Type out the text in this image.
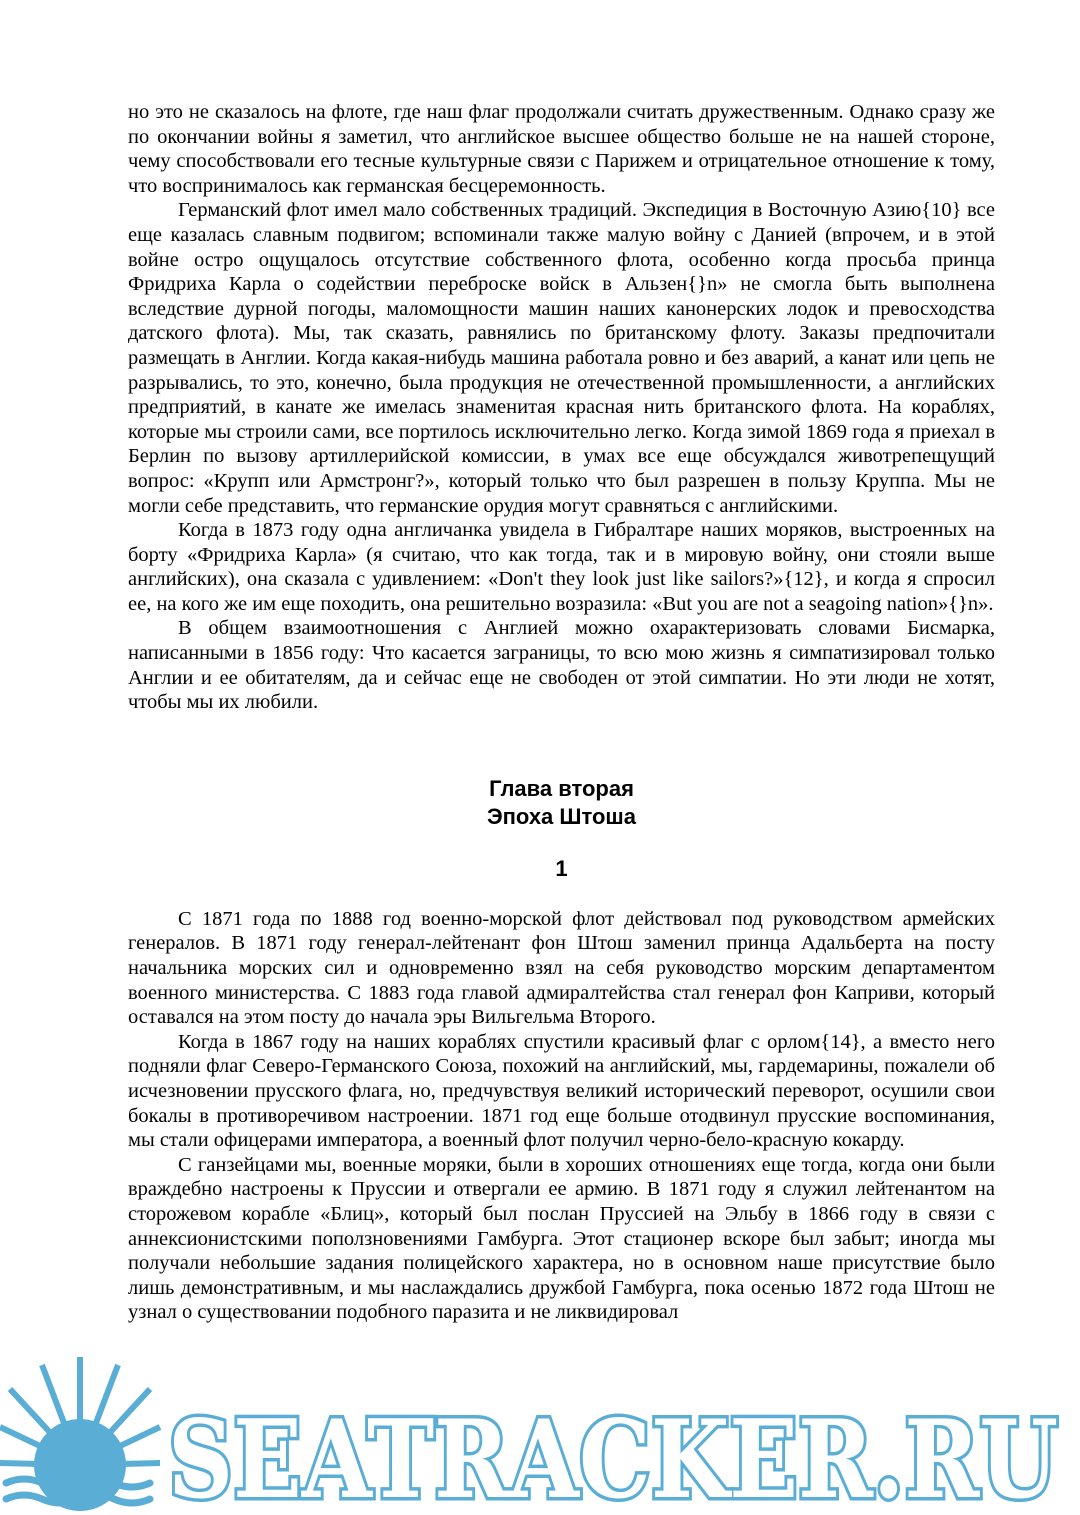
но это не сказалось на флоте, где наш флаг продолжали считать дружественным. Однако сразу же по окончании войны я заметил, что английское высшее общество больше не на нашей стороне, чему способствовали его тесные культурные связи с Парижем и отрицательное отношение к тому, что воспринималось как германская бесцеремонность.

Германский флот имел мало собственных традиций. Экспедиция в Восточную Азию{10} все еще казалась славным подвигом; вспоминали также малую войну с Данией (впрочем, и в этой войне остро ощущалось отсутствие собственного флота, особенно когда просьба принца Фридриха Карла о содействии переброске войск в Альзен{}n» не смогла быть выполнена вследствие дурной погоды, маломощности машин наших канонерских лодок и превосходства датского флота). Мы, так сказать, равнялись по британскому флоту. Заказы предпочитали размещать в Англии. Когда какая-нибудь машина работала ровно и без аварий, а канат или цепь не разрывались, то это, конечно, была продукция не отечественной промышленности, а английских предприятий, в канате же имелась знаменитая красная нить британского флота. На кораблях, которые мы строили сами, все портилось исключительно легко. Когда зимой 1869 года я приехал в Берлин по вызову артиллерийской комиссии, в умах все еще обсуждался животрепещущий вопрос: «Крупп или Армстронг?», который только что был разрешен в пользу Круппа. Мы не могли себе представить, что германские орудия могут сравняться с английскими.

Когда в 1873 году одна англичанка увидела в Гибралтаре наших моряков, выстроенных на борту «Фридриха Карла» (я считаю, что как тогда, так и в мировую войну, они стояли выше английских), она сказала с удивлением: «Don't they look just like sailors?»{12}, и когда я спросил ее, на кого же им еще походить, она решительно возразила: «But you are not a seagoing nation»{}n».

В общем взаимоотношения с Англией можно охарактеризовать словами Бисмарка, написанными в 1856 году: Что касается заграницы, то всю мою жизнь я симпатизировал только Англии и ее обитателям, да и сейчас еще не свободен от этой симпатии. Но эти люди не хотят, чтобы мы их любили.

Глава вторая
Эпоха Штоша
1

С 1871 года по 1888 год военно-морской флот действовал под руководством армейских генералов. В 1871 году генерал-лейтенант фон Штош заменил принца Адальберта на посту начальника морских сил и одновременно взял на себя руководство морским департаментом военного министерства. С 1883 года главой адмиралтейства стал генерал фон Каприви, который оставался на этом посту до начала эры Вильгельма Второго.

Когда в 1867 году на наших кораблях спустили красивый флаг с орлом{14}, а вместо него подняли флаг Северо-Германского Союза, похожий на английский, мы, гардемарины, пожалели об исчезновении прусского флага, но, предчувствуя великий исторический переворот, осушили свои бокалы в противоречивом настроении. 1871 год еще больше отодвинул прусские воспоминания, мы стали офицерами императора, а военный флот получил черно-бело-красную кокарду.

С ганзейцами мы, военные моряки, были в хороших отношениях еще тогда, когда они были враждебно настроены к Пруссии и отвергали ее армию. В 1871 году я служил лейтенантом на сторожевом корабле «Блиц», который был послан Пруссией на Эльбу в 1866 году в связи с аннексионистскими поползновениями Гамбурга. Этот стационер вскоре был забыт; иногда мы получали небольшие задания полицейского характера, но в основном наше присутствие было лишь демонстративным, и мы наслаждались дружбой Гамбурга, пока осенью 1872 года Штош не узнал о существовании подобного паразита и не ликвидировал

SEATRACKER.RU
